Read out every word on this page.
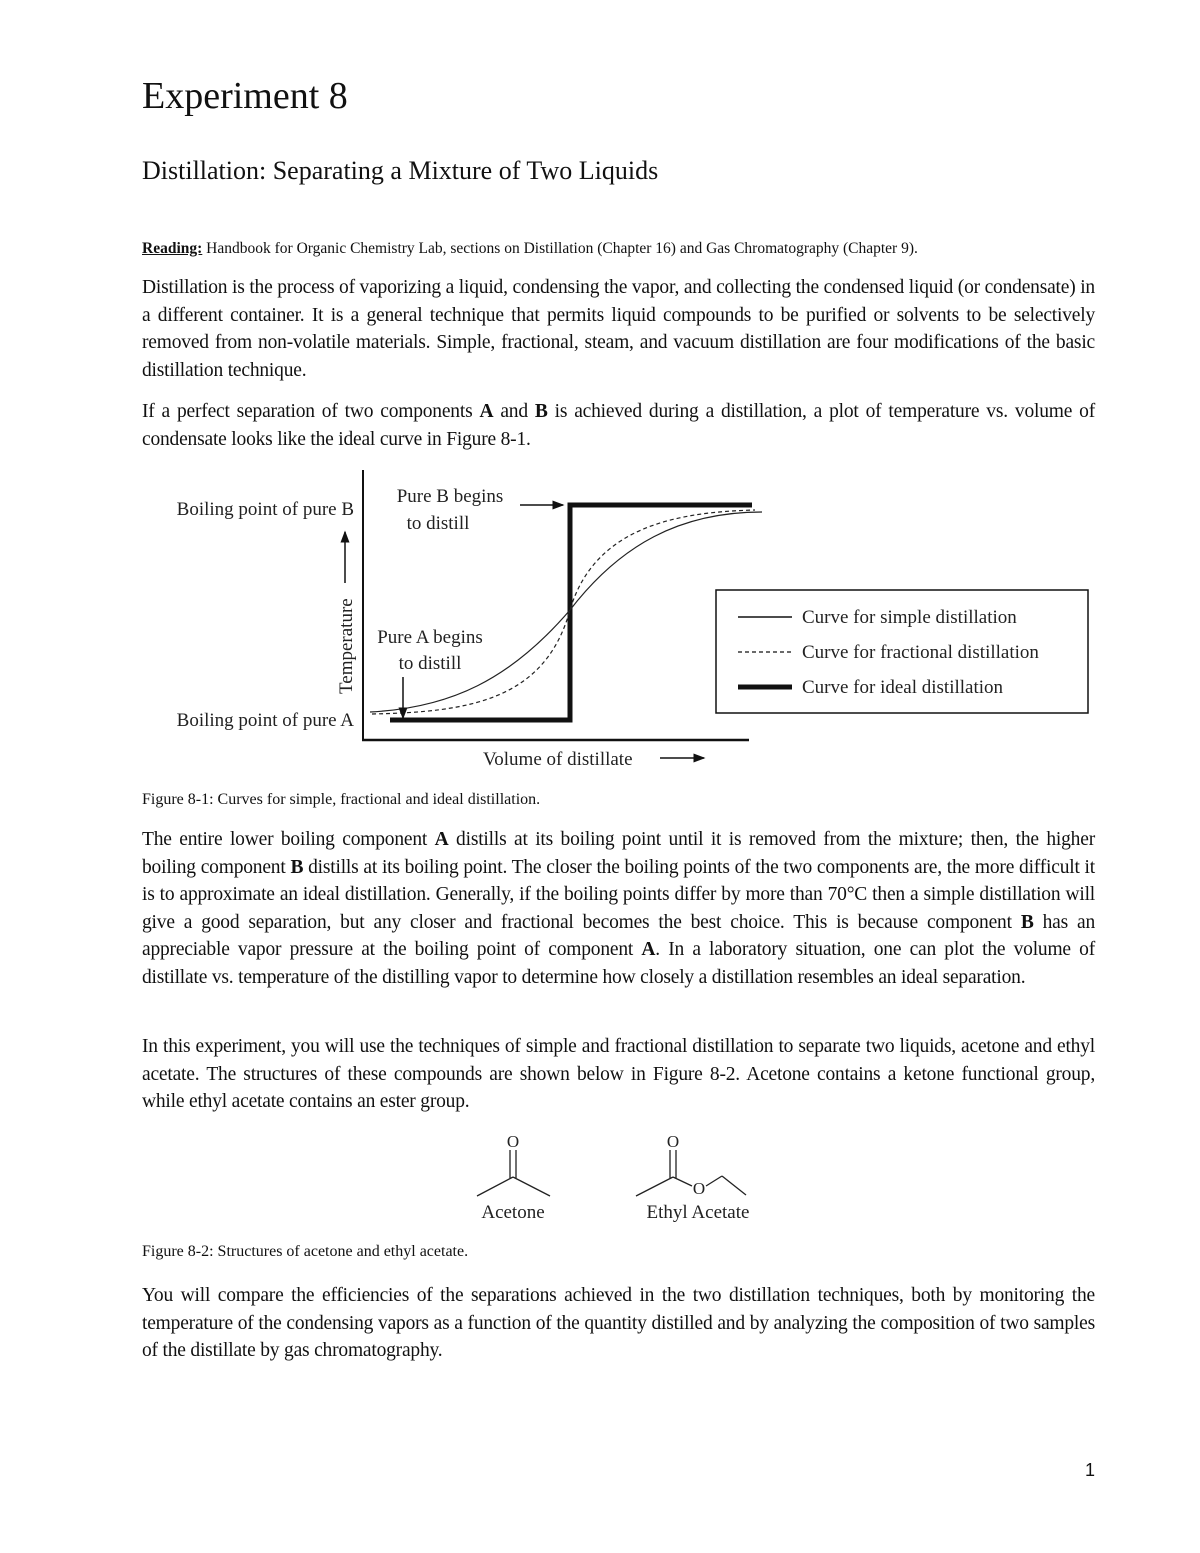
Experiment 8
Distillation: Separating a Mixture of Two Liquids
Reading: Handbook for Organic Chemistry Lab, sections on Distillation (Chapter 16) and Gas Chromatography (Chapter 9).
Distillation is the process of vaporizing a liquid, condensing the vapor, and collecting the condensed liquid (or condensate) in a different container. It is a general technique that permits liquid compounds to be purified or solvents to be selectively removed from non-volatile materials. Simple, fractional, steam, and vacuum distillation are four modifications of the basic distillation technique.
If a perfect separation of two components A and B is achieved during a distillation, a plot of temperature vs. volume of condensate looks like the ideal curve in Figure 8-1.
Boiling point of pure B
Boiling point of pure A
Pure B begins
to distill
Pure A begins
to distill
Temperature
Volume of distillate
Curve for simple distillation
Curve for fractional distillation
Curve for ideal distillation
Figure 8-1: Curves for simple, fractional and ideal distillation.
The entire lower boiling component A distills at its boiling point until it is removed from the mixture; then, the higher boiling component B distills at its boiling point. The closer the boiling points of the two components are, the more difficult it is to approximate an ideal distillation. Generally, if the boiling points differ by more than 70°C then a simple distillation will give a good separation, but any closer and fractional becomes the best choice. This is because component B has an appreciable vapor pressure at the boiling point of component A. In a laboratory situation, one can plot the volume of distillate vs. temperature of the distilling vapor to determine how closely a distillation resembles an ideal separation.
In this experiment, you will use the techniques of simple and fractional distillation to separate two liquids, acetone and ethyl acetate. The structures of these compounds are shown below in Figure 8-2. Acetone contains a ketone functional group, while ethyl acetate contains an ester group.
O
Acetone
O
O
Ethyl Acetate
Figure 8-2: Structures of acetone and ethyl acetate.
You will compare the efficiencies of the separations achieved in the two distillation techniques, both by monitoring the temperature of the condensing vapors as a function of the quantity distilled and by analyzing the composition of two samples of the distillate by gas chromatography.
1
